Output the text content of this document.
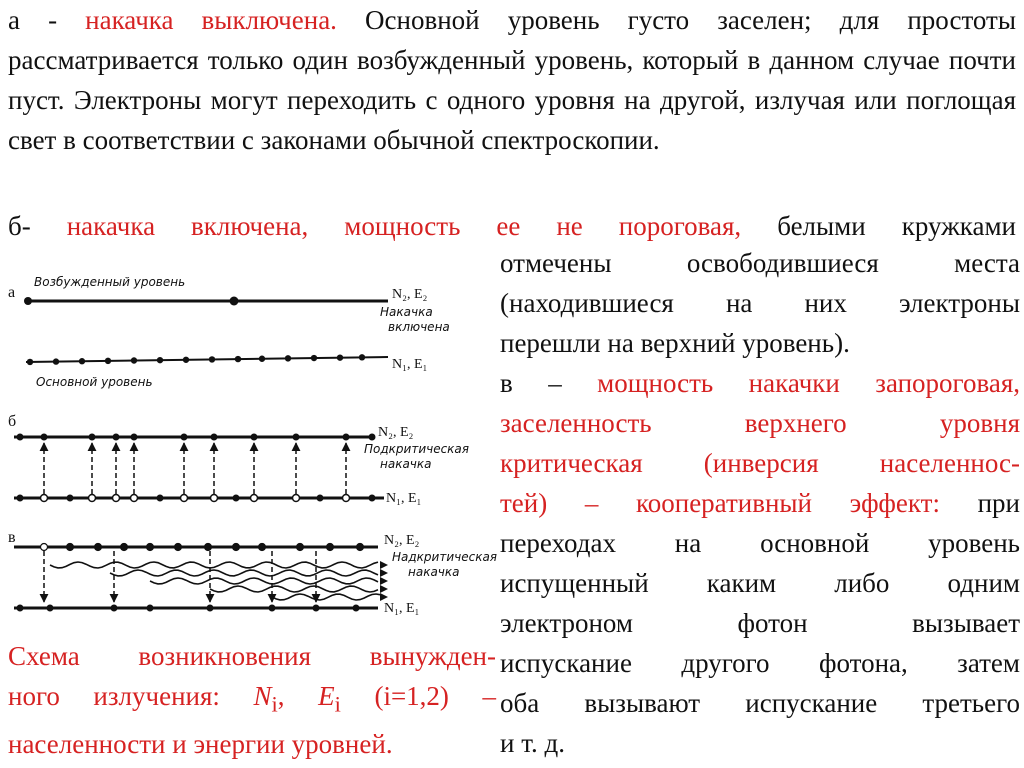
а - накачка выключена. Основной уровень густо заселен; для простоты рассматривается только один возбужденный уровень, который в данном случае почти пуст. Электроны могут переходить с одного уровня на другой, излучая или поглощая свет в соответствии с законами обычной спектроскопии.
б- накачка включена, мощность ее не пороговая, белыми кружками
отмечены освободившиеся места
(находившиеся на них электроны
перешли на верхний уровень).
в – мощность накачки запороговая,
заселенность верхнего уровня
критическая (инверсия населеннос-
тей) – кооперативный эффект: при
переходах на основной уровень
испущенный каким либо одним
электроном фотон вызывает
испускание другого фотона, затем
оба вызывают испускание третьего
и т. д.
а
Возбужденный уровень
N₂, E₂
Накачка
включена
N₁, E₁
Основной уровень
б
N₂, E₂
Подкритическая
накачка
N₁, E₁
в	N₂, E₂
Надкритическая
накачка
N₁, E₁
Схема возникновения вынужден-
ного излучения: $N_i$, $E_i$ (i=1,2) –
населенности и энергии уровней.
